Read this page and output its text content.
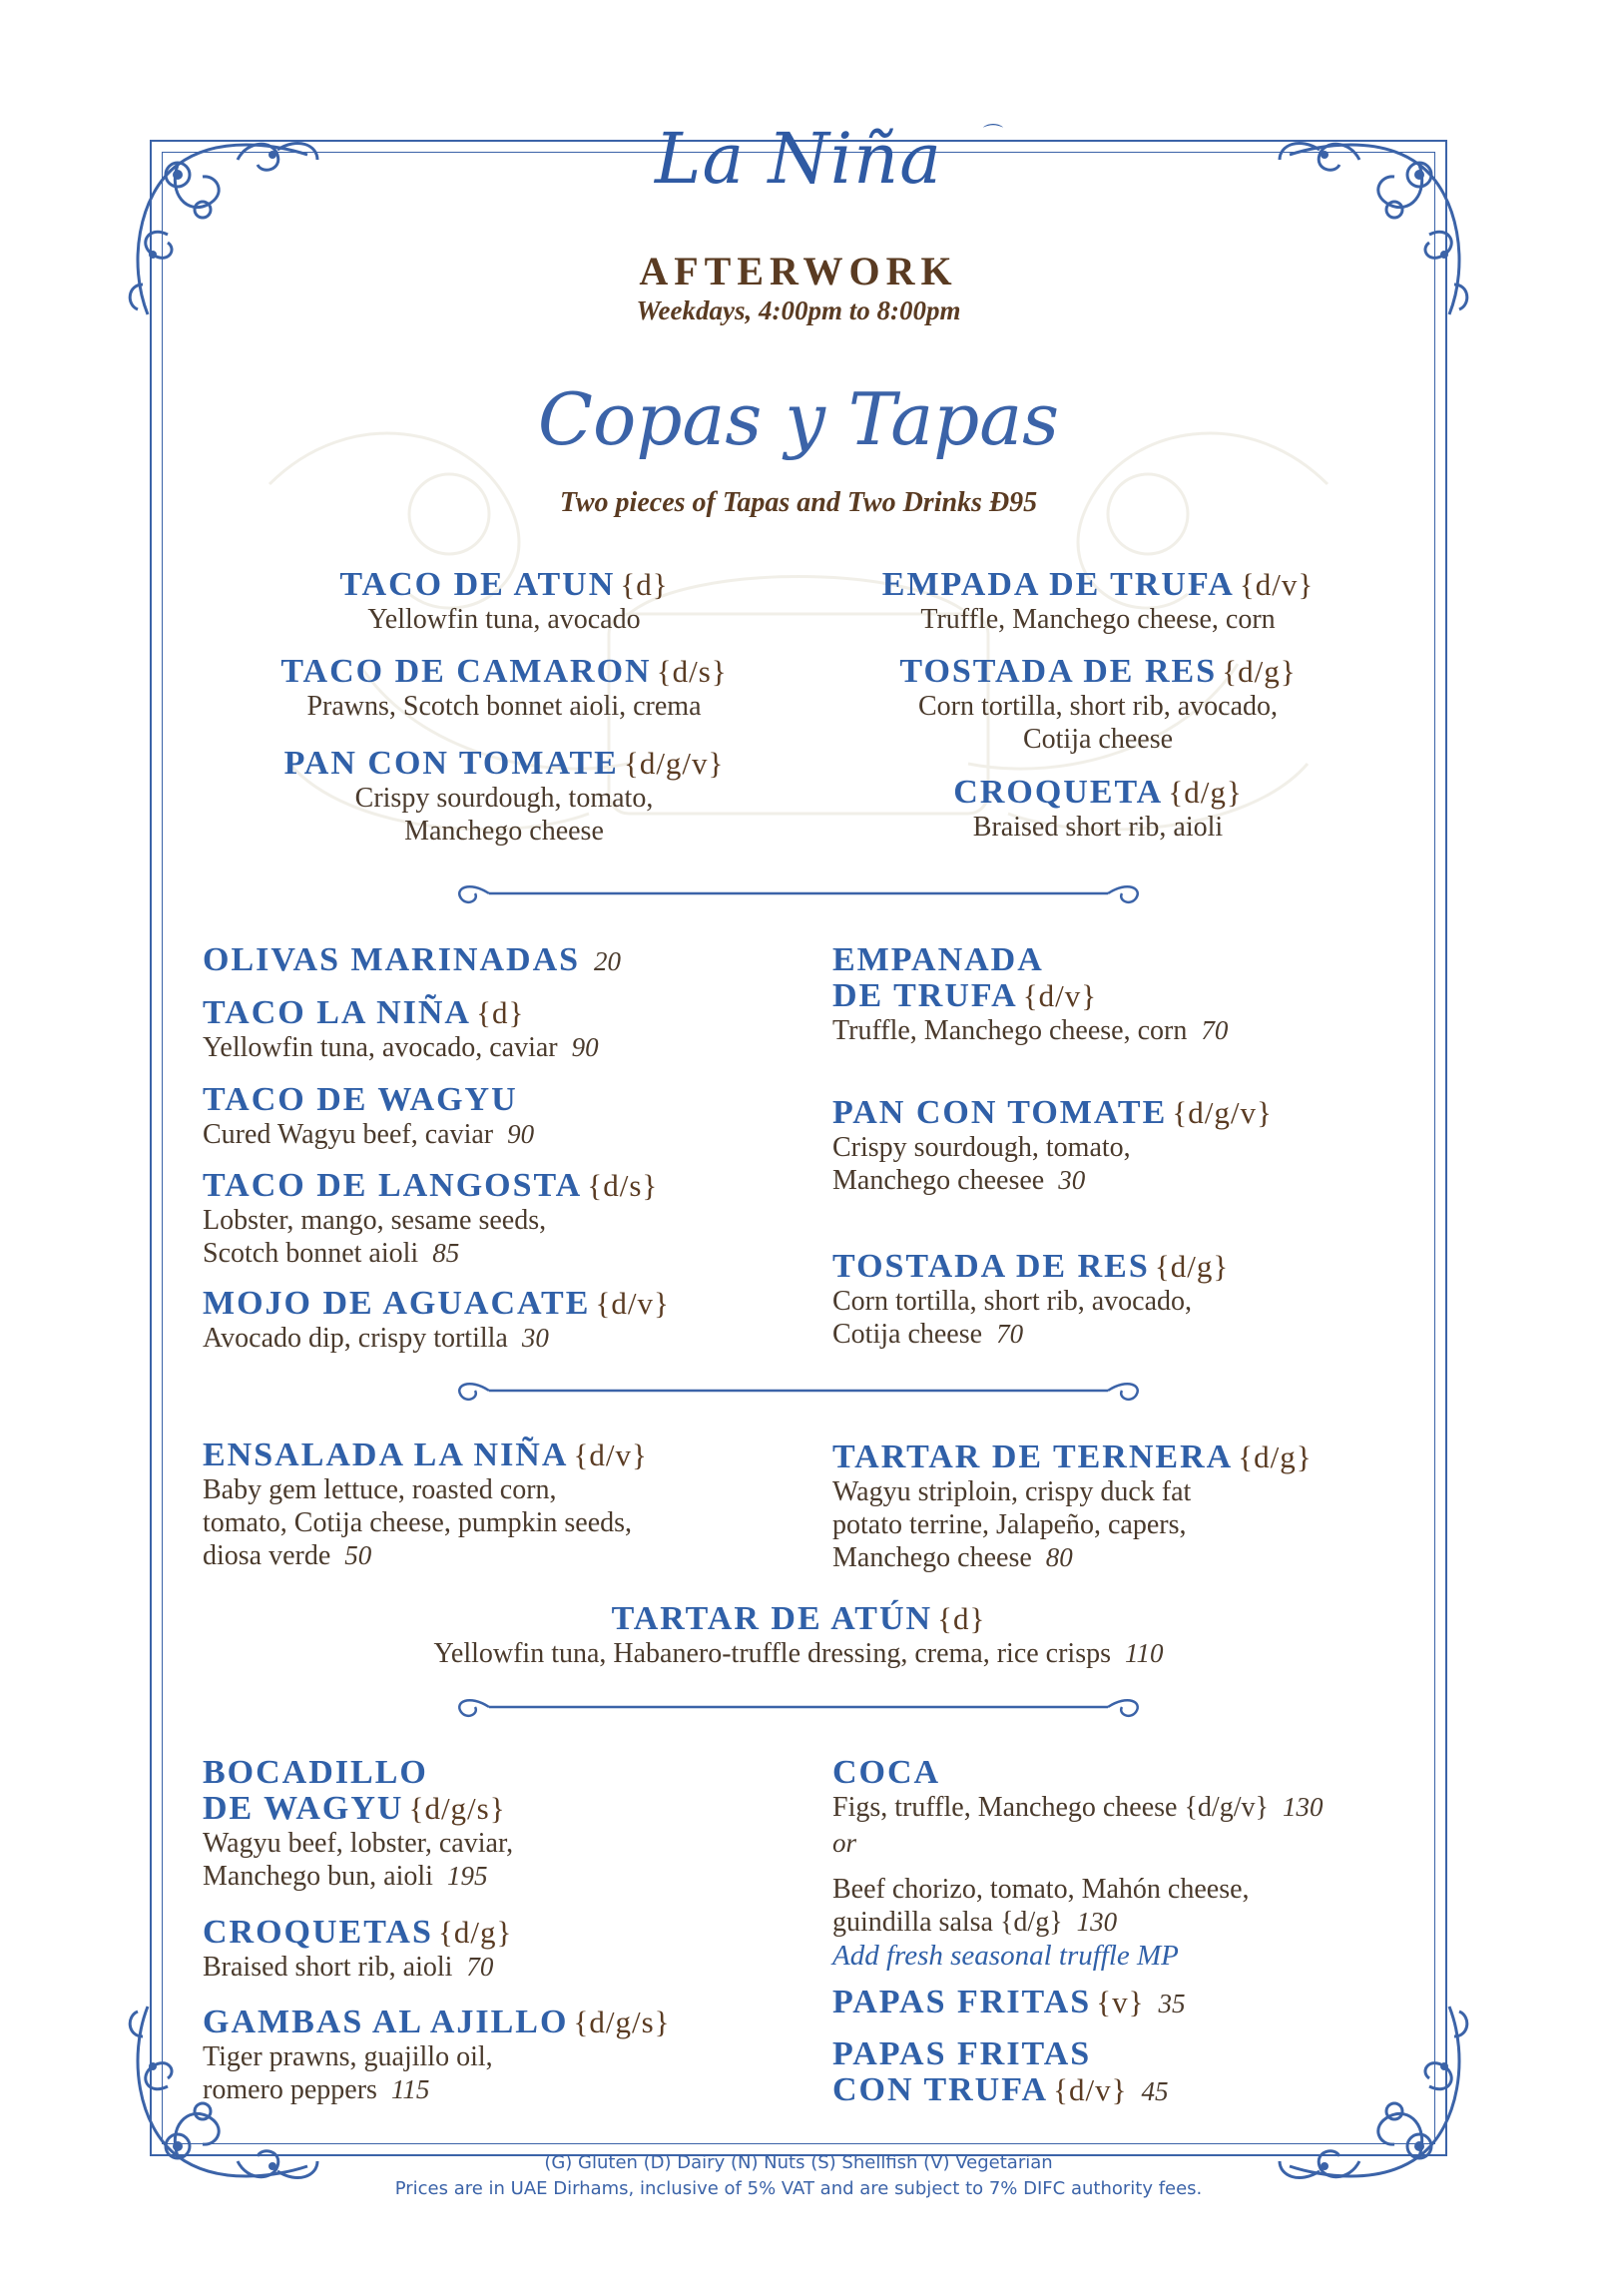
La Niña	⌒
AFTERWORK
Weekdays, 4:00pm to 8:00pm
Copas y Tapas
Two pieces of Tapas and Two Drinks Đ95
TACO DE ATUN {d}
Yellowfin tuna, avocado
TACO DE CAMARON {d/s}
Prawns, Scotch bonnet aioli, crema
PAN CON TOMATE {d/g/v}
Crispy sourdough, tomato,
Manchego cheese
EMPADA DE TRUFA {d/v}
Truffle, Manchego cheese, corn
TOSTADA DE RES {d/g}
Corn tortilla, short rib, avocado,
Cotija cheese
CROQUETA {d/g}
Braised short rib, aioli
OLIVAS MARINADAS 20
TACO LA NIÑA {d}
Yellowfin tuna, avocado, caviar 90
TACO DE WAGYU
Cured Wagyu beef, caviar 90
TACO DE LANGOSTA {d/s}
Lobster, mango, sesame seeds,
Scotch bonnet aioli 85
MOJO DE AGUACATE {d/v}
Avocado dip, crispy tortilla 30
EMPANADA
DE TRUFA {d/v}
Truffle, Manchego cheese, corn 70
PAN CON TOMATE {d/g/v}
Crispy sourdough, tomato,
Manchego cheesee 30
TOSTADA DE RES {d/g}
Corn tortilla, short rib, avocado,
Cotija cheese 70
ENSALADA LA NIÑA {d/v}
Baby gem lettuce, roasted corn,
tomato, Cotija cheese, pumpkin seeds,
diosa verde 50
TARTAR DE TERNERA {d/g}
Wagyu striploin, crispy duck fat
potato terrine, Jalapeño, capers,
Manchego cheese 80
TARTAR DE ATÚN {d}
Yellowfin tuna, Habanero-truffle dressing, crema, rice crisps 110
BOCADILLO
DE WAGYU {d/g/s}
Wagyu beef, lobster, caviar,
Manchego bun, aioli 195
CROQUETAS {d/g}
Braised short rib, aioli 70
GAMBAS AL AJILLO {d/g/s}
Tiger prawns, guajillo oil,
romero peppers 115
COCA
Figs, truffle, Manchego cheese {d/g/v} 130
or
Beef chorizo, tomato, Mahón cheese,
guindilla salsa {d/g} 130
Add fresh seasonal truffle MP
PAPAS FRITAS {v} 35
PAPAS FRITAS
CON TRUFA {d/v} 45
(G) Gluten (D) Dairy (N) Nuts (S) Shellfish (V) Vegetarian
Prices are in UAE Dirhams, inclusive of 5% VAT and are subject to 7% DIFC authority fees.
